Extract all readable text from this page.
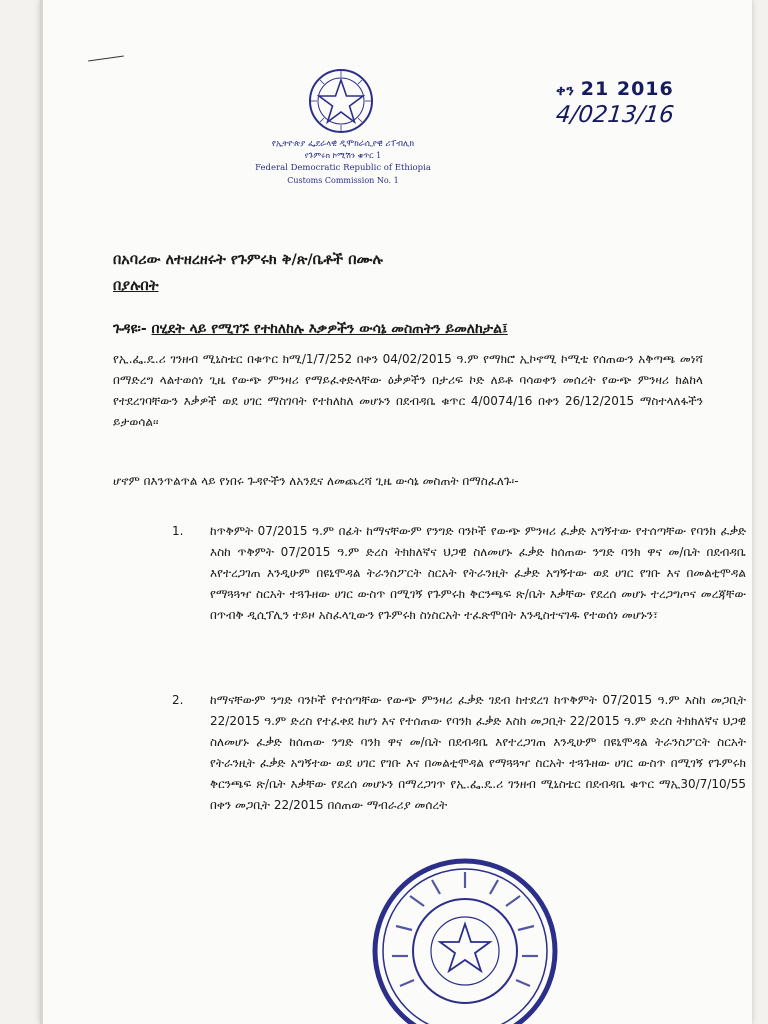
የኢትዮጵያ ፌደራላዊ ዲሞክራሲያዊ ሪፐብሊክ
የጉምሩክ ኮሚሽን ቁጥር 1
Federal Democratic Republic of Ethiopia
Customs Commission No. 1
ቀን 21 2016
4/0213/16
በአባሪው ለተዘረዘሩት የጉምሩክ ቅ/ጽ/ቤቶች በሙሉ
በያሉበት
ጉዳዩ፡- በሂደት ላይ የሚገኙ የተከለከሉ እቃዎችን ውሳኔ መስጠትን ይመለከታል፤
የኢ.ፌ.ዴ.ሪ ገንዘብ ሚኒስቴር በቁጥር ክሚ/1/7/252 በቀን 04/02/2015 ዓ.ም የማክሮ ኢኮኖሚ ኮሚቴ የሰጠውን አቅጣጫ መነሻ በማድረግ ላልተወሰነ ጊዜ የውጭ ምንዛሪ የማይፈቀድላቸው ዕቃዎችን በታሪፍ ኮድ ለይቶ ባሳወቀን መሰረት የውጭ ምንዛሪ ክልከላ የተደረገባቸውን እቃዎች ወደ ሀገር ማስገባት የተከለከለ መሆኑን በደብዳቤ ቁጥር 4/0074/16 በቀን 26/12/2015 ማስተላለፋችን ይታወሳል፡፡
ሆኖም በእንጥልጥል ላይ የነበሩ ጉዳዮችን ለአንዴና ለመጨረሻ ጊዜ ውሳኔ መስጠት በማስፈለጉ፡-
1.	ከጥቅምት 07/2015 ዓ.ም በፊት ከማናቸውም የንግድ ባንኮች የውጭ ምንዛሪ ፈቃድ አግኝተው የተሰጣቸው የባንክ ፈቃድ እስከ ጥቅምት 07/2015 ዓ.ም ድረስ ትክክለኛና ህጋዊ ስለመሆኑ ፈቃድ ከሰጠው ንግድ ባንክ ዋና መ/ቤት በደብዳቤ እየተረጋገጠ እንዲሁም በዩኒሞዳል ትራንስፖርት ስርአት የትራንዚት ፈቃድ አግኝተው ወደ ሀገር የገቡ እና በመልቲሞዳል የማጓጓዣ ስርአት ተጓጉዘው ሀገር ውስጥ በሚገኝ የጉምሩክ ቅርንጫፍ ጽ/ቤት እቃቸው የደረሰ መሆኑ ተረጋግጦና መረጃቸው በጥብቅ ዲሲፕሊን ተይዞ አስፈላጊውን የጉምሩክ ስነስርአት ተፈጽሞበት እንዲስተናገዱ የተወሰነ መሆኑን፣
2.	ከማናቸውም ንግድ ባንኮች የተሰጣቸው የውጭ ምንዛሪ ፈቃድ ገደብ ከተደረገ ከጥቅምት 07/2015 ዓ.ም እስከ መጋቢት 22/2015 ዓ.ም ድረስ የተፈቀደ ከሆነ እና የተሰጠው የባንክ ፈቃድ እስከ መጋቢት 22/2015 ዓ.ም ድረስ ትክክለኛና ህጋዊ ስለመሆኑ ፈቃድ ከሰጠው ንግድ ባንክ ዋና መ/ቤት በደብዳቤ እየተረጋገጠ እንዲሁም በዩኒሞዳል ትራንስፖርት ስርአት የትራንዚት ፈቃድ አግኝተው ወደ ሀገር የገቡ እና በመልቲሞዳል የማጓጓዣ ስርአት ተጓጉዘው ሀገር ውስጥ በሚገኝ የጉምሩክ ቅርንጫፍ ጽ/ቤት እቃቸው የደረሰ መሆኑን በማረጋገጥ የኢ.ፌ.ዴ.ሪ ገንዘብ ሚኒስቴር በደብዳቤ ቁጥር ማኢ30/7/10/55 በቀን መጋቢት 22/2015 በሰጠው ማብራሪያ መሰረት
